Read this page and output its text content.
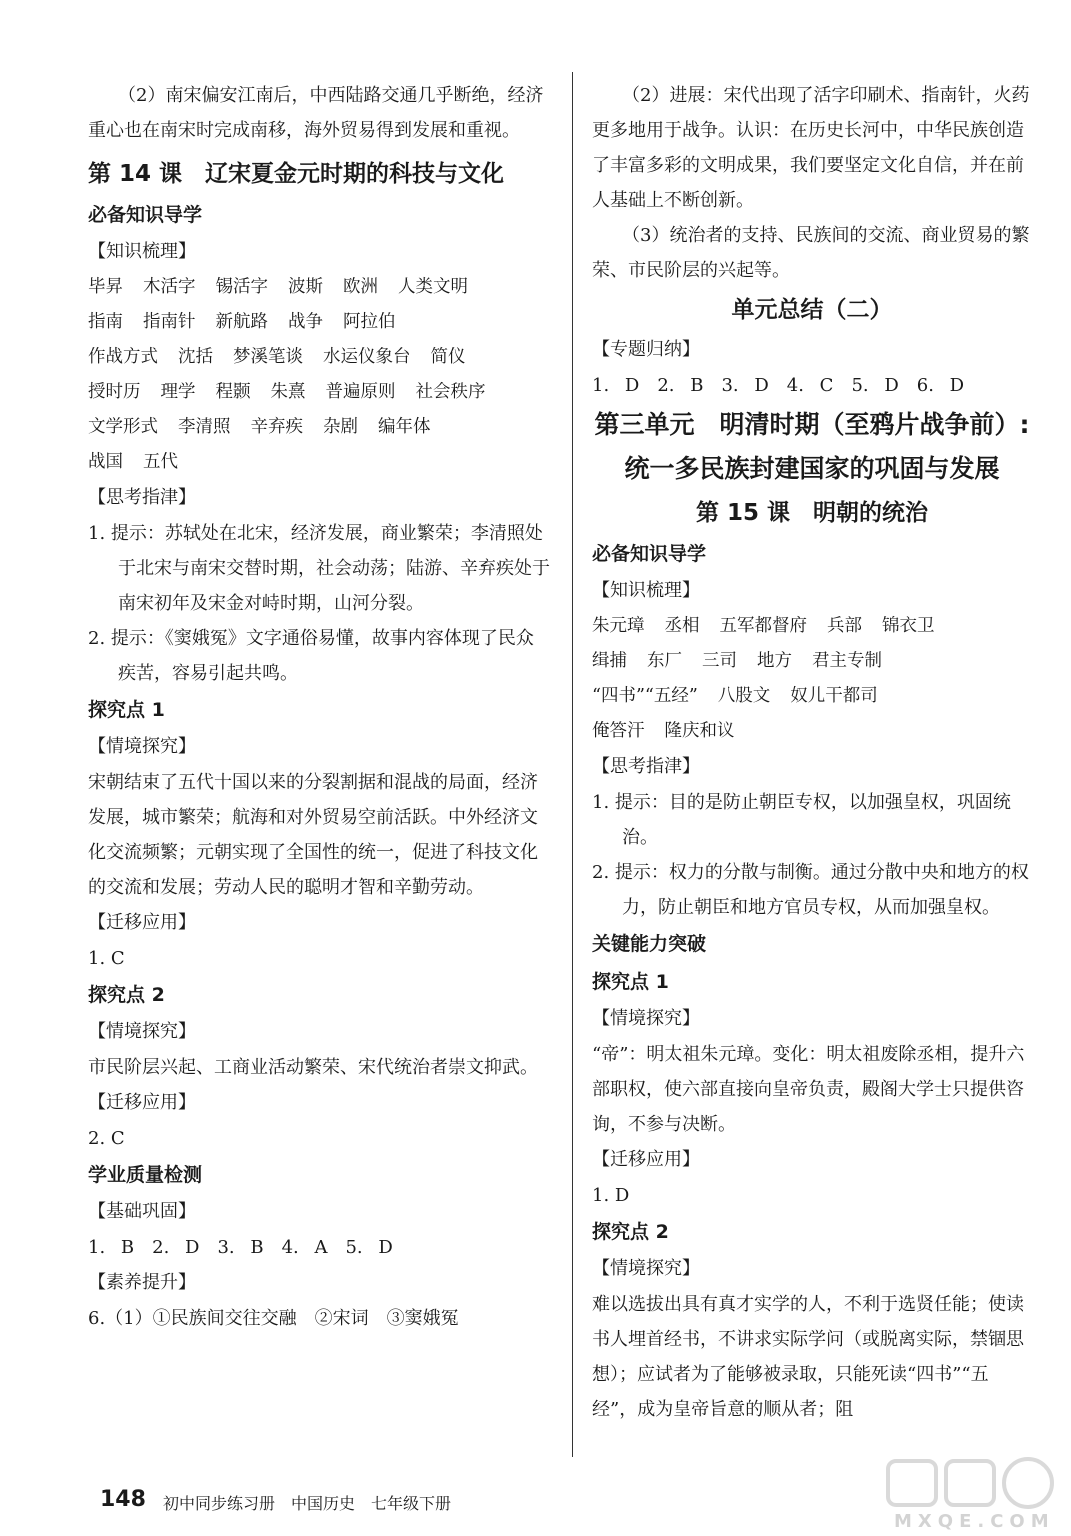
（2）南宋偏安江南后，中西陆路交通几乎断绝，经济重心也在南宋时完成南移，海外贸易得到发展和重视。

第 14 课　辽宋夏金元时期的科技与文化

必备知识导学

【知识梳理】

毕昇 木活字 锡活字 波斯 欧洲 人类文明

指南 指南针 新航路 战争 阿拉伯

作战方式 沈括 梦溪笔谈 水运仪象台 简仪

授时历 理学 程颢 朱熹 普遍原则 社会秩序

文学形式 李清照 辛弃疾 杂剧 编年体

战国 五代

【思考指津】

1. 提示：苏轼处在北宋，经济发展，商业繁荣；李清照处于北宋与南宋交替时期，社会动荡；陆游、辛弃疾处于南宋初年及宋金对峙时期，山河分裂。

2. 提示：《窦娥冤》文字通俗易懂，故事内容体现了民众疾苦，容易引起共鸣。

探究点 1

【情境探究】

宋朝结束了五代十国以来的分裂割据和混战的局面，经济发展，城市繁荣；航海和对外贸易空前活跃。中外经济文化交流频繁；元朝实现了全国性的统一，促进了科技文化的交流和发展；劳动人民的聪明才智和辛勤劳动。

【迁移应用】

1. C

探究点 2

【情境探究】

市民阶层兴起、工商业活动繁荣、宋代统治者崇文抑武。

【迁移应用】

2. C

学业质量检测

【基础巩固】

1. B　2. D　3. B　4. A　5. D

【素养提升】

6.（1）①民族间交往交融　②宋词　③窦娥冤

（2）进展：宋代出现了活字印刷术、指南针，火药更多地用于战争。认识：在历史长河中，中华民族创造了丰富多彩的文明成果，我们要坚定文化自信，并在前人基础上不断创新。

（3）统治者的支持、民族间的交流、商业贸易的繁荣、市民阶层的兴起等。

单元总结（二）

【专题归纳】

1. D　2. B　3. D　4. C　5. D　6. D

第三单元　明清时期（至鸦片战争前）:

统一多民族封建国家的巩固与发展

第 15 课　明朝的统治

必备知识导学

【知识梳理】

朱元璋 丞相 五军都督府 兵部 锦衣卫

缉捕 东厂 三司 地方 君主专制

“四书”“五经” 八股文 奴儿干都司

俺答汗 隆庆和议

【思考指津】

1. 提示：目的是防止朝臣专权，以加强皇权，巩固统治。

2. 提示：权力的分散与制衡。通过分散中央和地方的权力，防止朝臣和地方官员专权，从而加强皇权。

关键能力突破

探究点 1

【情境探究】

“帝”：明太祖朱元璋。变化：明太祖废除丞相，提升六部职权，使六部直接向皇帝负责，殿阁大学士只提供咨询，不参与决断。

【迁移应用】

1. D

探究点 2

【情境探究】

难以选拔出具有真才实学的人，不利于选贤任能；使读书人埋首经书，不讲求实际学问（或脱离实际，禁锢思想）；应试者为了能够被录取，只能死读“四书”“五经”，成为皇帝旨意的顺从者；阻

148 初中同步练习册　中国历史　七年级下册
MXQE.COM
